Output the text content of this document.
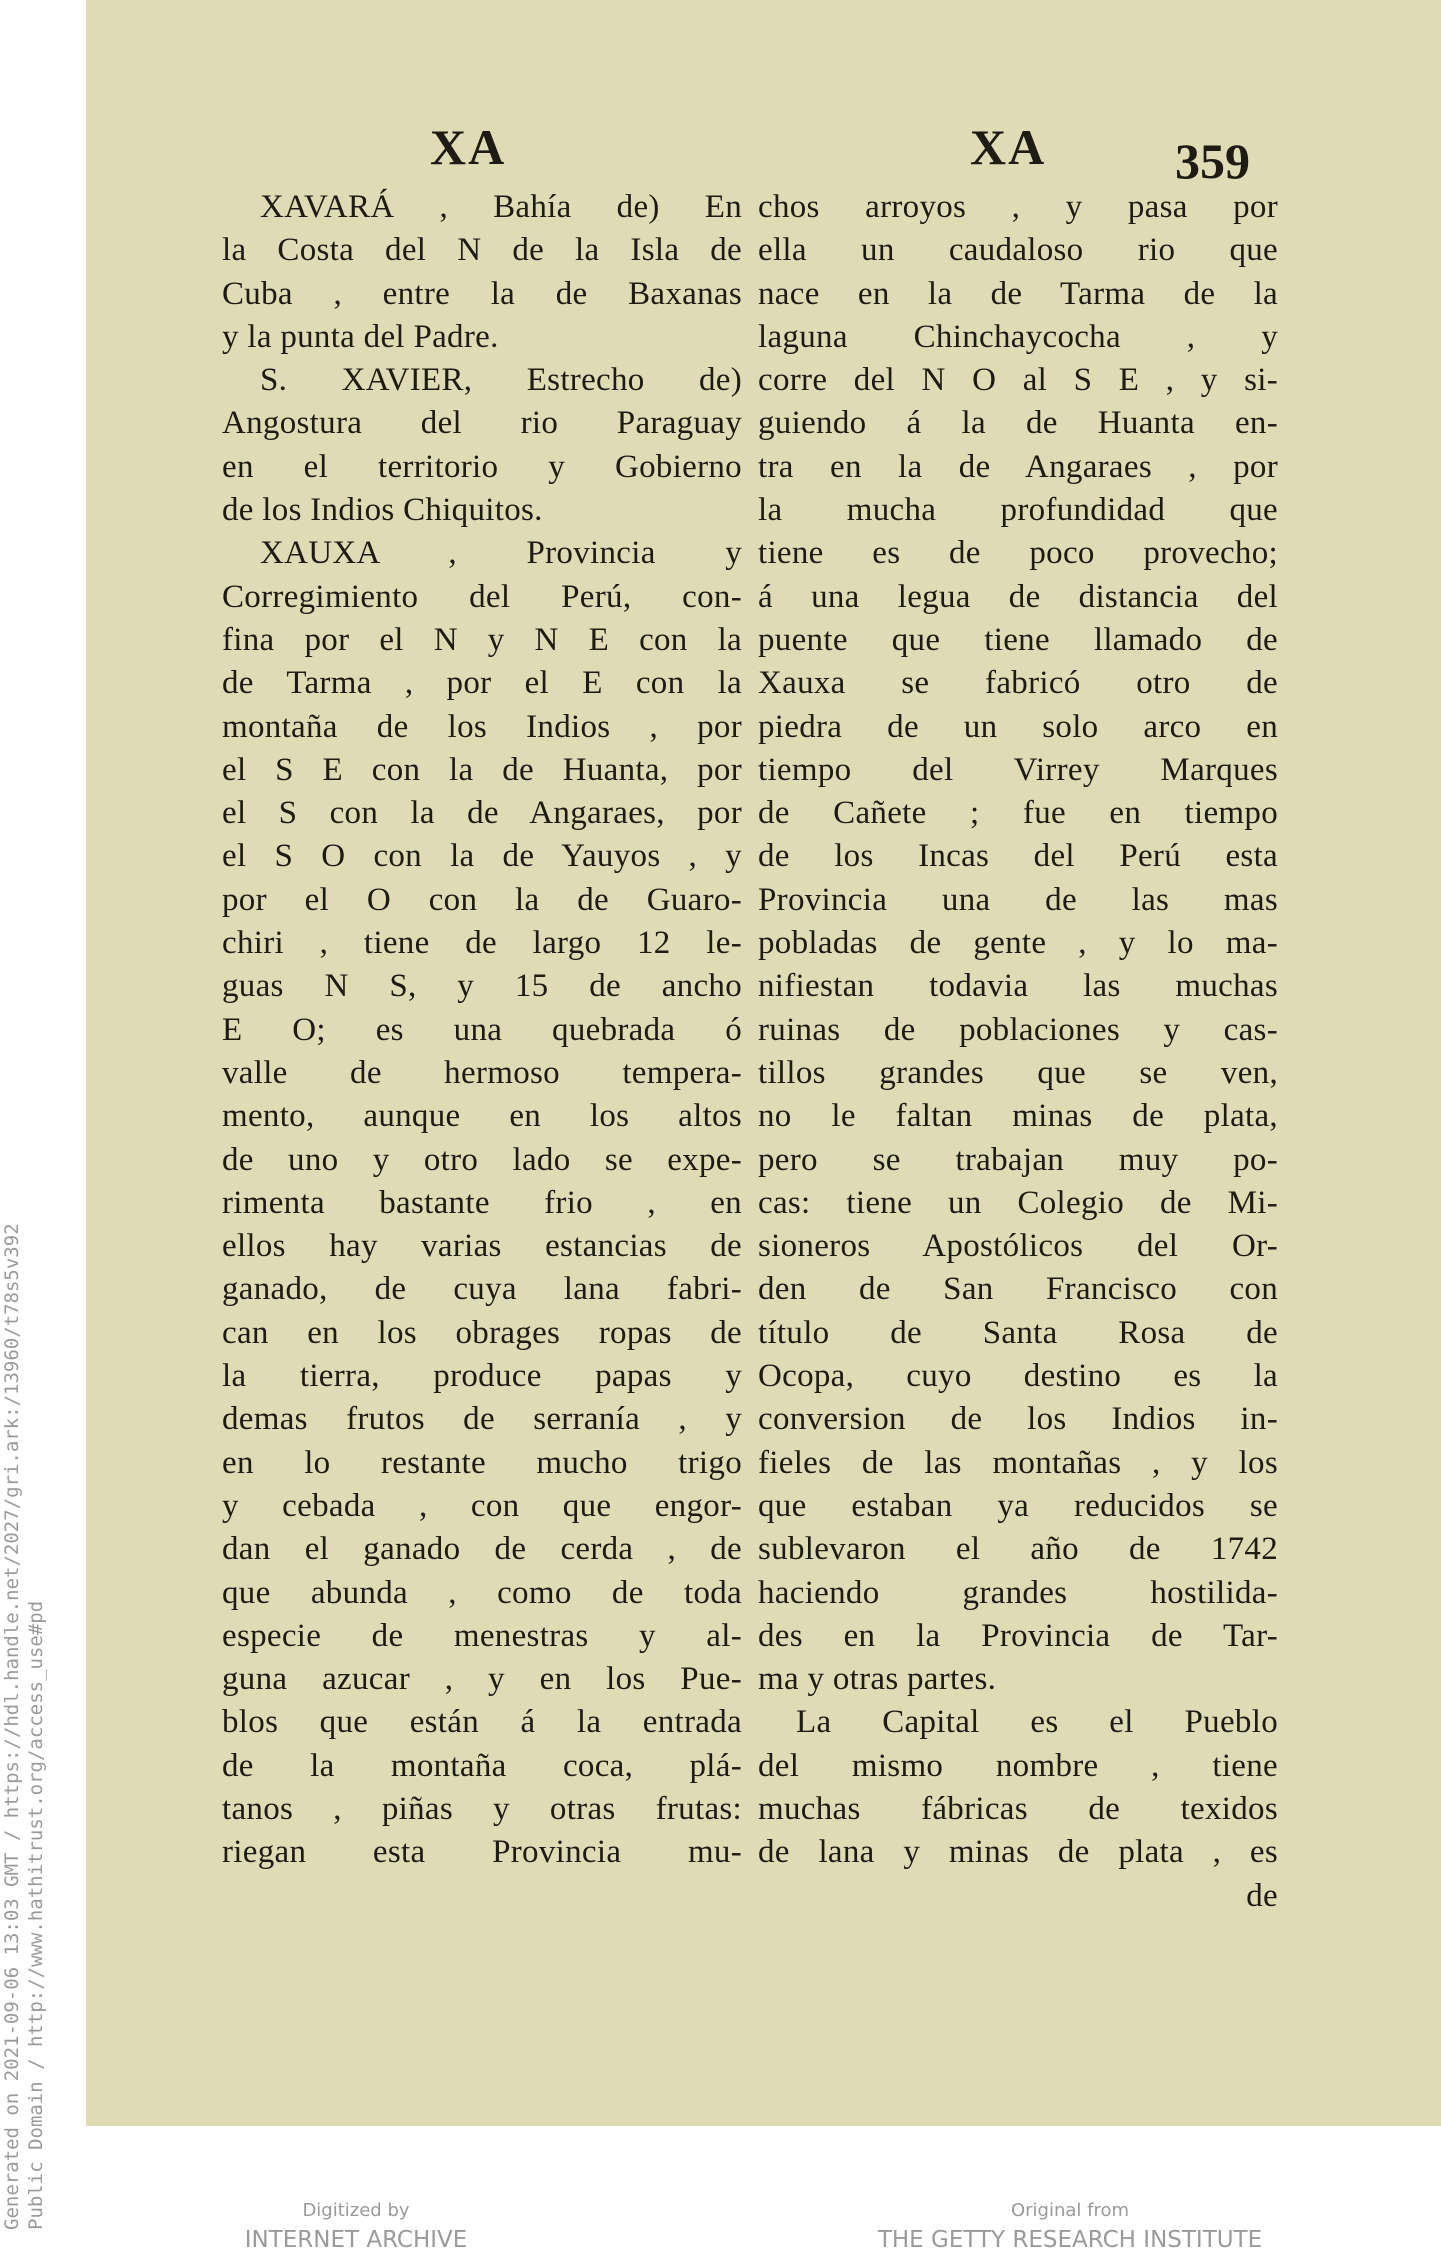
XA	XA	359
XAVARÁ , Bahía de) En
la Costa del N de la Isla de
Cuba , entre la de Baxanas
y la punta del Padre.
S. XAVIER, Estrecho de)
Angostura del rio Paraguay
en el territorio y Gobierno
de los Indios Chiquitos.
XAUXA , Provincia y
Corregimiento del Perú, con-
fina por el N y N E con la
de Tarma , por el E con la
montaña de los Indios , por
el S E con la de Huanta, por
el S con la de Angaraes, por
el S O con la de Yauyos , y
por el O con la de Guaro-
chiri , tiene de largo 12 le-
guas N S, y 15 de ancho
E O; es una quebrada ó
valle de hermoso tempera-
mento, aunque en los altos
de uno y otro lado se expe-
rimenta bastante frio , en
ellos hay varias estancias de
ganado, de cuya lana fabri-
can en los obrages ropas de
la tierra, produce papas y
demas frutos de serranía , y
en lo restante mucho trigo
y cebada , con que engor-
dan el ganado de cerda , de
que abunda , como de toda
especie de menestras y al-
guna azucar , y en los Pue-
blos que están á la entrada
de la montaña coca, plá-
tanos , piñas y otras frutas:
riegan esta Provincia mu-
chos arroyos , y pasa por
ella un caudaloso rio que
nace en la de Tarma de la
laguna Chinchaycocha , y
corre del N O al S E , y si-
guiendo á la de Huanta en-
tra en la de Angaraes , por
la mucha profundidad que
tiene es de poco provecho;
á una legua de distancia del
puente que tiene llamado de
Xauxa se fabricó otro de
piedra de un solo arco en
tiempo del Virrey Marques
de Cañete ; fue en tiempo
de los Incas del Perú esta
Provincia una de las mas
pobladas de gente , y lo ma-
nifiestan todavia las muchas
ruinas de poblaciones y cas-
tillos grandes que se ven,
no le faltan minas de plata,
pero se trabajan muy po-
cas: tiene un Colegio de Mi-
sioneros Apostólicos del Or-
den de San Francisco con
título de Santa Rosa de
Ocopa, cuyo destino es la
conversion de los Indios in-
fieles de las montañas , y los
que estaban ya reducidos se
sublevaron el año de 1742
haciendo grandes hostilida-
des en la Provincia de Tar-
ma y otras partes.
La Capital es el Pueblo
del mismo nombre , tiene
muchas fábricas de texidos
de lana y minas de plata , es
de
Generated on 2021-09-06 13:03 GMT / https://hdl.handle.net/2027/gri.ark:/13960/t78s5v392 Public Domain / http://www.hathitrust.org/access_use#pd	Digitized by
INTERNET ARCHIVE
Original from
THE GETTY RESEARCH INSTITUTE
